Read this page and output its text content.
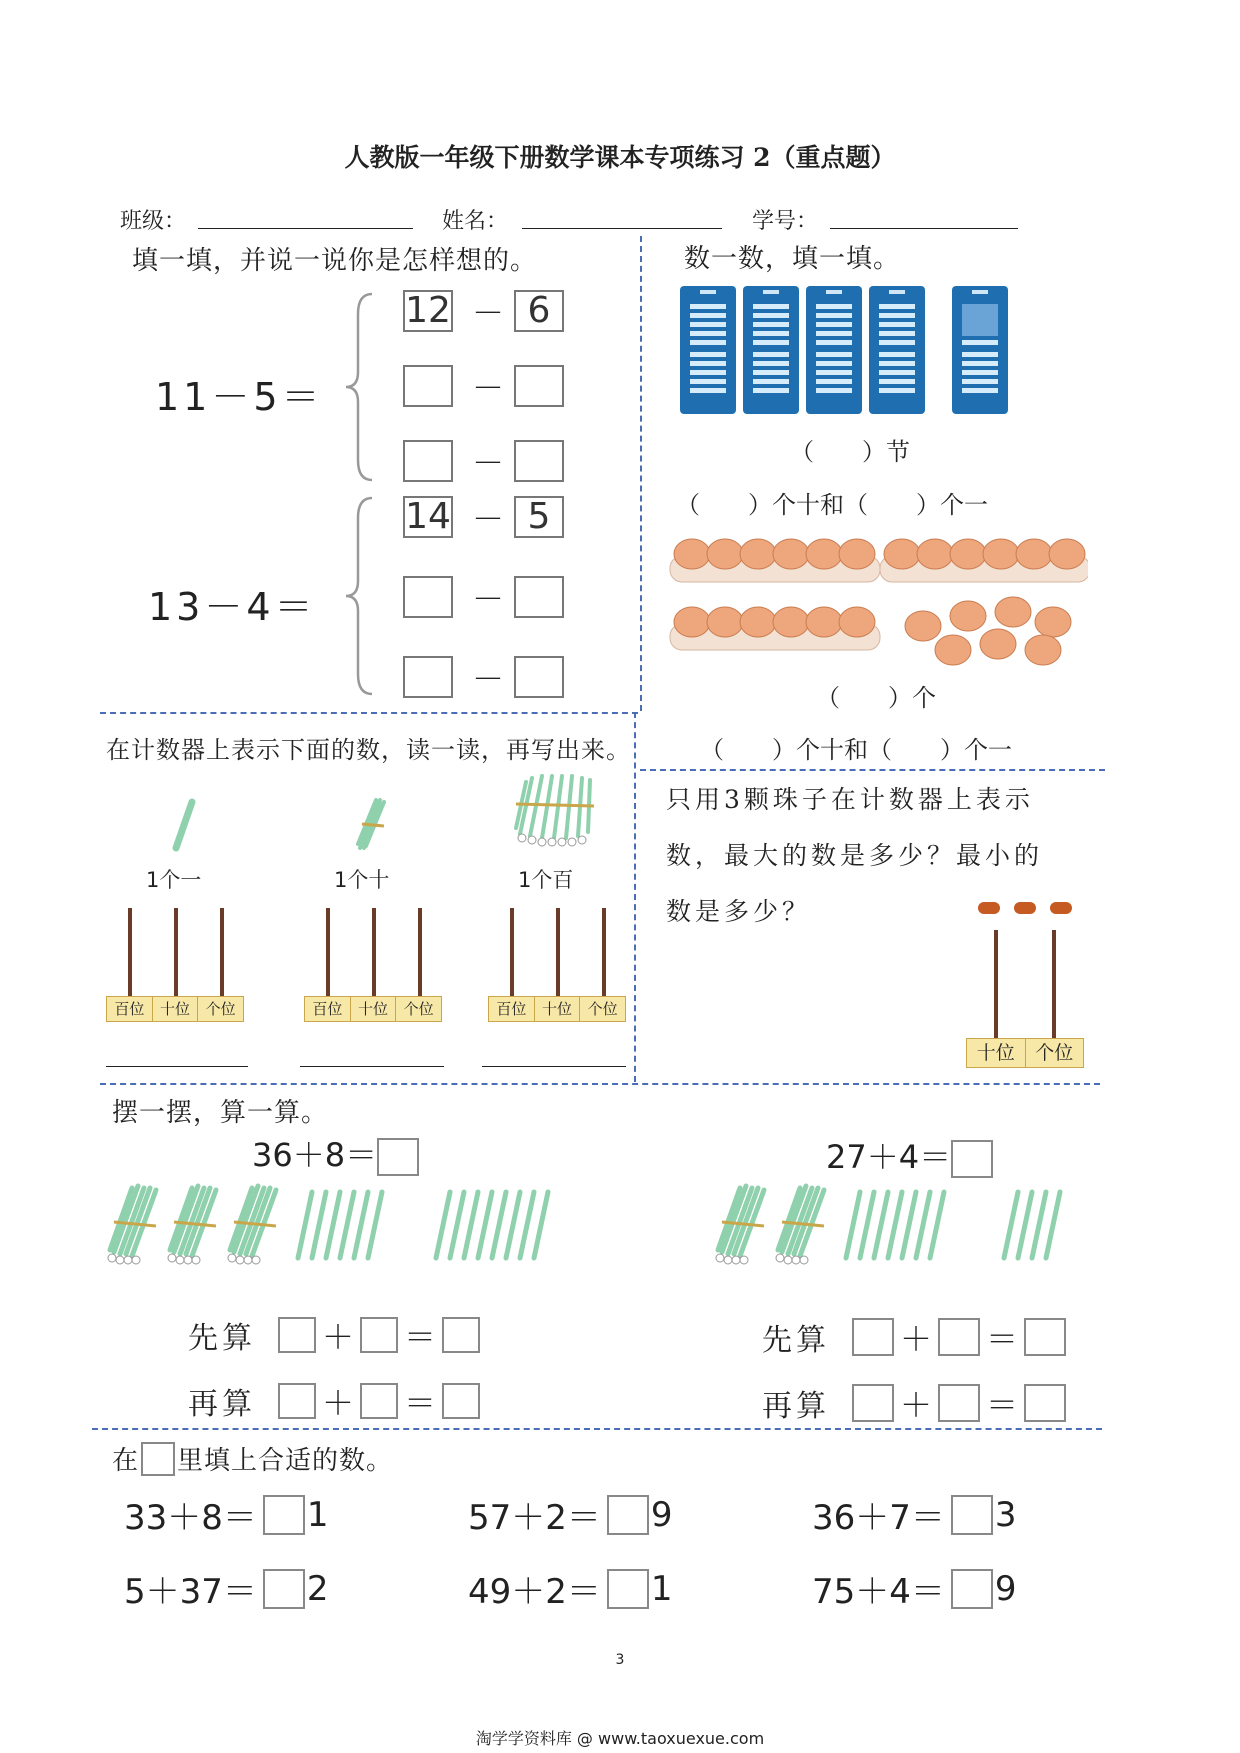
人教版一年级下册数学课本专项练习 2（重点题）
班级：	姓名：	学号：
填一填，并说一说你是怎样想的。
11－5＝
12 － 6
－
－
13－4＝
14 － 5
－
－
数一数，填一填。
（　　）节
（　　）个十和（　　）个一
（　　）个
（　　）个十和（　　）个一
在计数器上表示下面的数，读一读，再写出来。
1个一	1个十	1个百
百位	十位	个位	百位	十位	个位	百位	十位	个位
只用3颗珠子在计数器上表示
数，最大的数是多少？最小的
数是多少？
十位	个位
摆一摆，算一算。
36＋8＝	27＋4＝
先算 ＋ ＝
再算 ＋ ＝
先算 ＋ ＝
再算 ＋ ＝
在 里填上合适的数。
33＋8＝ 1	57＋2＝ 9	36＋7＝ 3
5＋37＝ 2	49＋2＝ 1	75＋4＝ 9
3
淘学学资料库 @ www.taoxuexue.com
